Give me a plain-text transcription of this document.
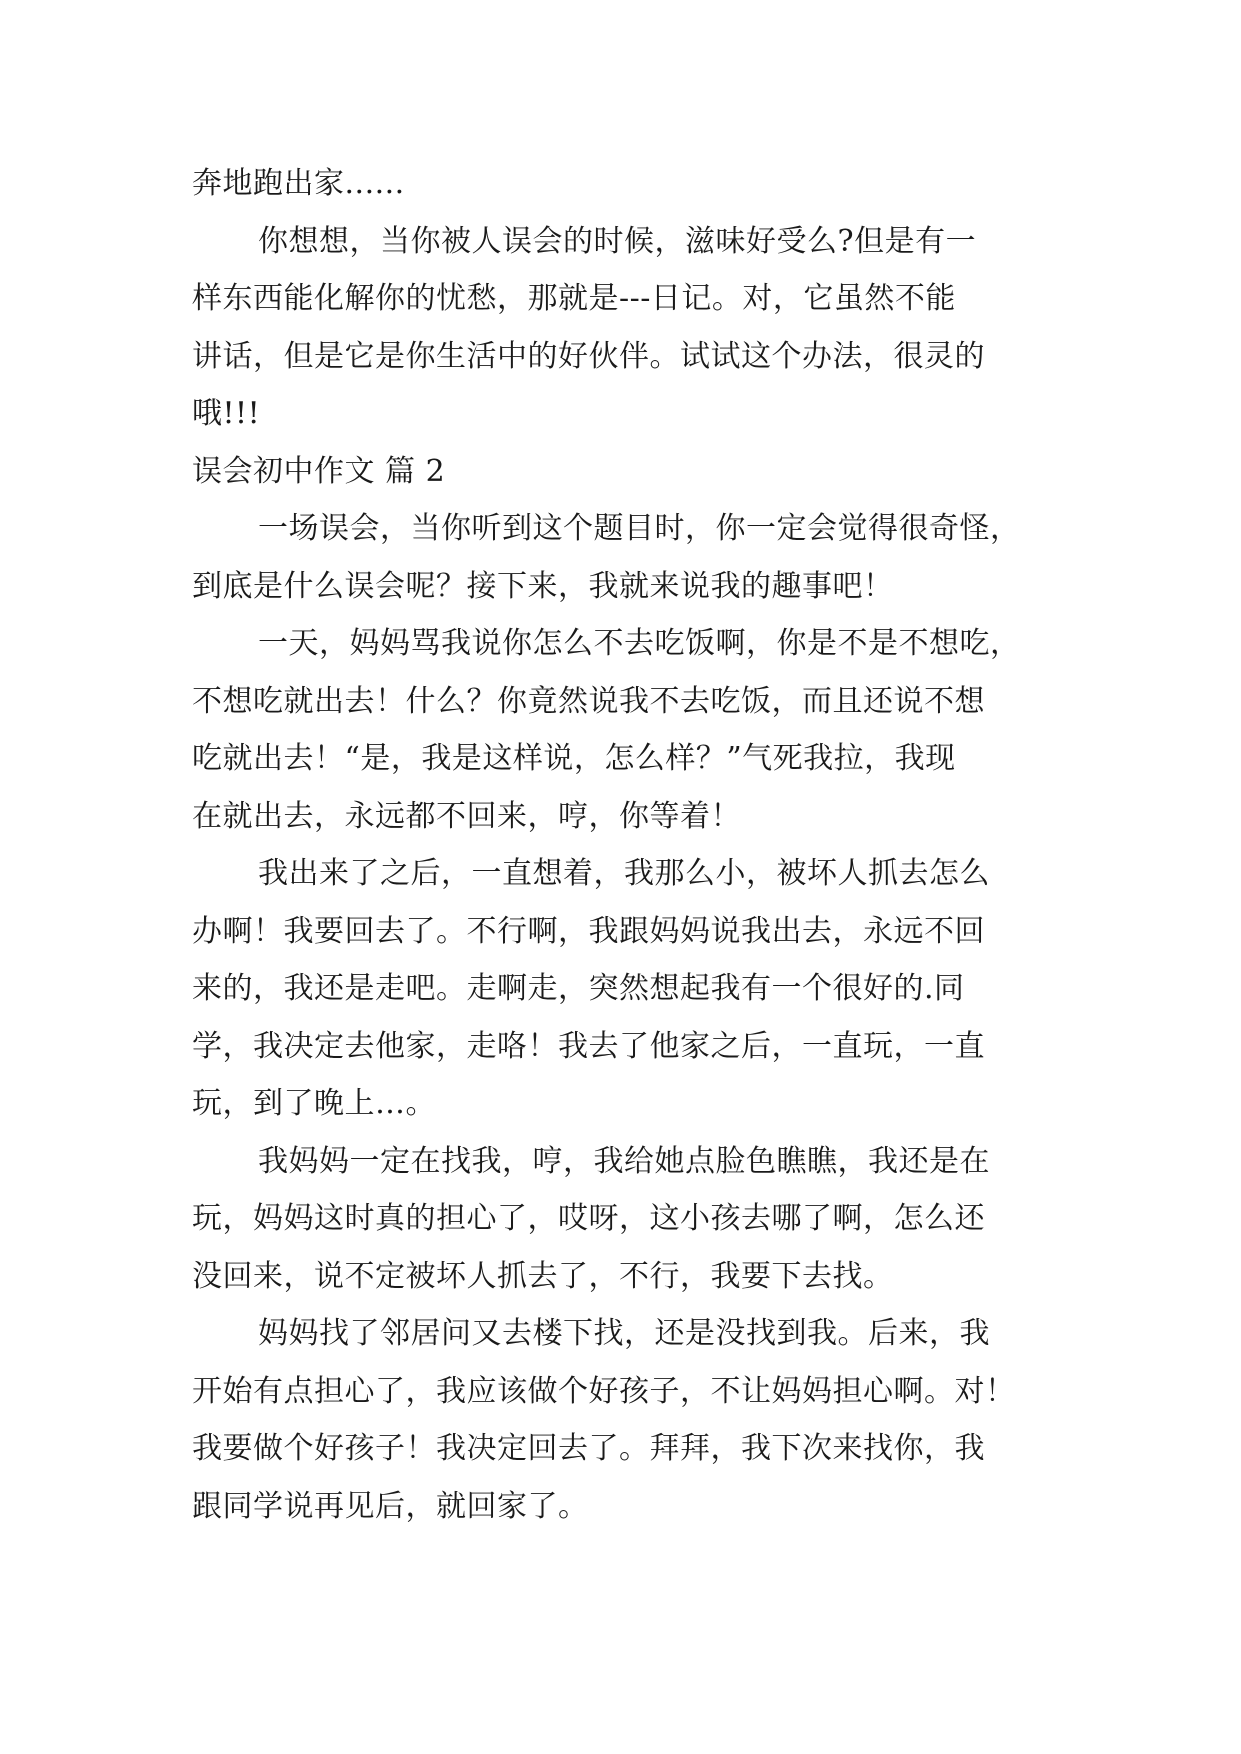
奔地跑出家......
你想想，当你被人误会的时候，滋味好受么?但是有一
样东西能化解你的忧愁，那就是---日记。对，它虽然不能
讲话，但是它是你生活中的好伙伴。试试这个办法，很灵的
哦!!!
误会初中作文 篇 2
一场误会，当你听到这个题目时，你一定会觉得很奇怪，
到底是什么误会呢？接下来，我就来说我的趣事吧！
一天，妈妈骂我说你怎么不去吃饭啊，你是不是不想吃，
不想吃就出去！什么？你竟然说我不去吃饭，而且还说不想
吃就出去！“是，我是这样说，怎么样？”气死我拉，我现
在就出去，永远都不回来，哼，你等着！
我出来了之后，一直想着，我那么小，被坏人抓去怎么
办啊！我要回去了。不行啊，我跟妈妈说我出去，永远不回
来的，我还是走吧。走啊走，突然想起我有一个很好的.同
学，我决定去他家，走咯！我去了他家之后，一直玩，一直
玩，到了晚上…。
我妈妈一定在找我，哼，我给她点脸色瞧瞧，我还是在
玩，妈妈这时真的担心了，哎呀，这小孩去哪了啊，怎么还
没回来，说不定被坏人抓去了，不行，我要下去找。
妈妈找了邻居问又去楼下找，还是没找到我。后来，我
开始有点担心了，我应该做个好孩子，不让妈妈担心啊。对！
我要做个好孩子！我决定回去了。拜拜，我下次来找你，我
跟同学说再见后，就回家了。
